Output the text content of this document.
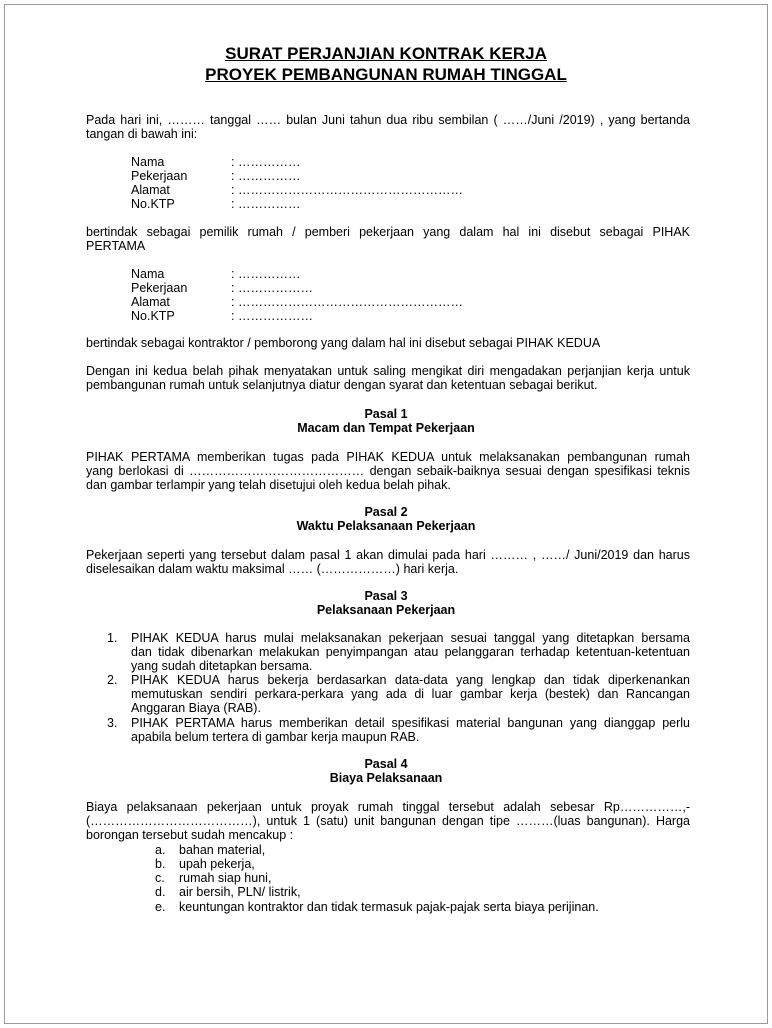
SURAT PERJANJIAN KONTRAK KERJA
PROYEK PEMBANGUNAN RUMAH TINGGAL
Pada hari ini, ……… tanggal …… bulan Juni tahun dua ribu sembilan ( ……/Juni /2019) , yang bertanda
tangan di bawah ini:
Nama	: ……………
Pekerjaan	: ……………
Alamat	: ………………………………………………
No.KTP	: ……………
bertindak sebagai pemilik rumah / pemberi pekerjaan yang dalam hal ini disebut sebagai PIHAK
PERTAMA
Nama	: ……………
Pekerjaan	: ………………
Alamat	: ………………………………………………
No.KTP	: ………………
bertindak sebagai kontraktor / pemborong yang dalam hal ini disebut sebagai PIHAK KEDUA
Dengan ini kedua belah pihak menyatakan untuk saling mengikat diri mengadakan perjanjian kerja untuk
pembangunan rumah untuk selanjutnya diatur dengan syarat dan ketentuan sebagai berikut.
Pasal 1
Macam dan Tempat Pekerjaan
PIHAK PERTAMA memberikan tugas pada PIHAK KEDUA untuk melaksanakan pembangunan rumah
yang berlokasi di …………………………………… dengan sebaik-baiknya sesuai dengan spesifikasi teknis
dan gambar terlampir yang telah disetujui oleh kedua belah pihak.
Pasal 2
Waktu Pelaksanaan Pekerjaan
Pekerjaan seperti yang tersebut dalam pasal 1 akan dimulai pada hari ……… , ……/ Juni/2019 dan harus
diselesaikan dalam waktu maksimal …… (………………) hari kerja.
Pasal 3
Pelaksanaan Pekerjaan
1. PIHAK KEDUA harus mulai melaksanakan pekerjaan sesuai tanggal yang ditetapkan bersama
dan tidak dibenarkan melakukan penyimpangan atau pelanggaran terhadap ketentuan-ketentuan
yang sudah ditetapkan bersama.
2. PIHAK KEDUA harus bekerja berdasarkan data-data yang lengkap dan tidak diperkenankan
memutuskan sendiri perkara-perkara yang ada di luar gambar kerja (bestek) dan Rancangan
Anggaran Biaya (RAB).
3. PIHAK PERTAMA harus memberikan detail spesifikasi material bangunan yang dianggap perlu
apabila belum tertera di gambar kerja maupun RAB.
Pasal 4
Biaya Pelaksanaan
Biaya pelaksanaan pekerjaan untuk proyak rumah tinggal tersebut adalah sebesar Rp……………,-
(…………………………………), untuk 1 (satu) unit bangunan dengan tipe ………(luas bangunan). Harga
borongan tersebut sudah mencakup :
a. bahan material,
b. upah pekerja,
c. rumah siap huni,
d. air bersih, PLN/ listrik,
e. keuntungan kontraktor dan tidak termasuk pajak-pajak serta biaya perijinan.
